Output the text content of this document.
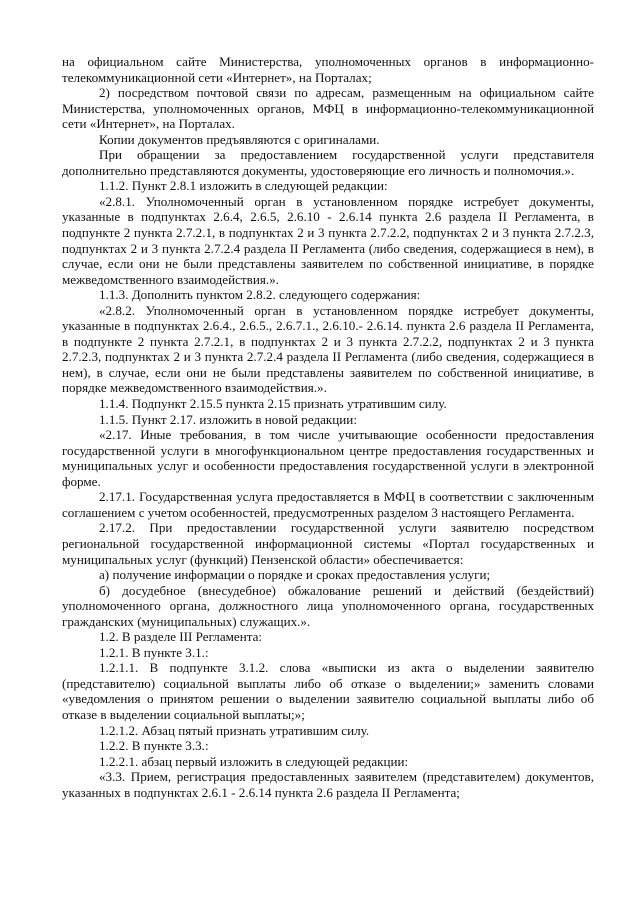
на официальном сайте Министерства, уполномоченных органов в информационно-телекоммуникационной сети «Интернет», на Порталах;

2) посредством почтовой связи по адресам, размещенным на официальном сайте Министерства, уполномоченных органов, МФЦ в информационно-телекоммуникационной сети «Интернет», на Порталах.

Копии документов предъявляются с оригиналами.

При обращении за предоставлением государственной услуги представителя дополнительно представляются документы, удостоверяющие его личность и полномочия.».

1.1.2. Пункт 2.8.1 изложить в следующей редакции:

«2.8.1. Уполномоченный орган в установленном порядке истребует документы, указанные в подпунктах 2.6.4, 2.6.5, 2.6.10 - 2.6.14 пункта 2.6 раздела II Регламента, в подпункте 2 пункта 2.7.2.1, в подпунктах 2 и 3 пункта 2.7.2.2, подпунктах 2 и 3 пункта 2.7.2.3, подпунктах 2 и 3 пункта 2.7.2.4 раздела II Регламента (либо сведения, содержащиеся в нем), в случае, если они не были представлены заявителем по собственной инициативе, в порядке межведомственного взаимодействия.».

1.1.3. Дополнить пунктом 2.8.2. следующего содержания:

«2.8.2. Уполномоченный орган в установленном порядке истребует документы, указанные в подпунктах 2.6.4., 2.6.5., 2.6.7.1., 2.6.10.- 2.6.14. пункта 2.6 раздела II Регламента, в подпункте 2 пункта 2.7.2.1, в подпунктах 2 и 3 пункта 2.7.2.2, подпунктах 2 и 3 пункта 2.7.2.3, подпунктах 2 и 3 пункта 2.7.2.4 раздела II Регламента (либо сведения, содержащиеся в нем), в случае, если они не были представлены заявителем по собственной инициативе, в порядке межведомственного взаимодействия.».

1.1.4. Подпункт 2.15.5 пункта 2.15 признать утратившим силу.

1.1.5. Пункт 2.17. изложить в новой редакции:

«2.17. Иные требования, в том числе учитывающие особенности предоставления государственной услуги в многофункциональном центре предоставления государственных и муниципальных услуг и особенности предоставления государственной услуги в электронной форме.

2.17.1. Государственная услуга предоставляется в МФЦ в соответствии с заключенным соглашением с учетом особенностей, предусмотренных разделом 3 настоящего Регламента.

2.17.2. При предоставлении государственной услуги заявителю посредством региональной государственной информационной системы «Портал государственных и муниципальных услуг (функций) Пензенской области» обеспечивается:

а) получение информации о порядке и сроках предоставления услуги;

б) досудебное (внесудебное) обжалование решений и действий (бездействий) уполномоченного органа, должностного лица уполномоченного органа, государственных гражданских (муниципальных) служащих.».

1.2. В разделе III Регламента:

1.2.1. В пункте 3.1.:

1.2.1.1. В подпункте 3.1.2. слова «выписки из акта о выделении заявителю (представителю) социальной выплаты либо об отказе о выделении;» заменить словами «уведомления о принятом решении о выделении заявителю социальной выплаты либо об отказе в выделении социальной выплаты;»;

1.2.1.2. Абзац пятый признать утратившим силу.

1.2.2. В пункте 3.3.:

1.2.2.1. абзац первый изложить в следующей редакции:

«3.3. Прием, регистрация предоставленных заявителем (представителем) документов, указанных в подпунктах 2.6.1 - 2.6.14 пункта 2.6 раздела II Регламента;
